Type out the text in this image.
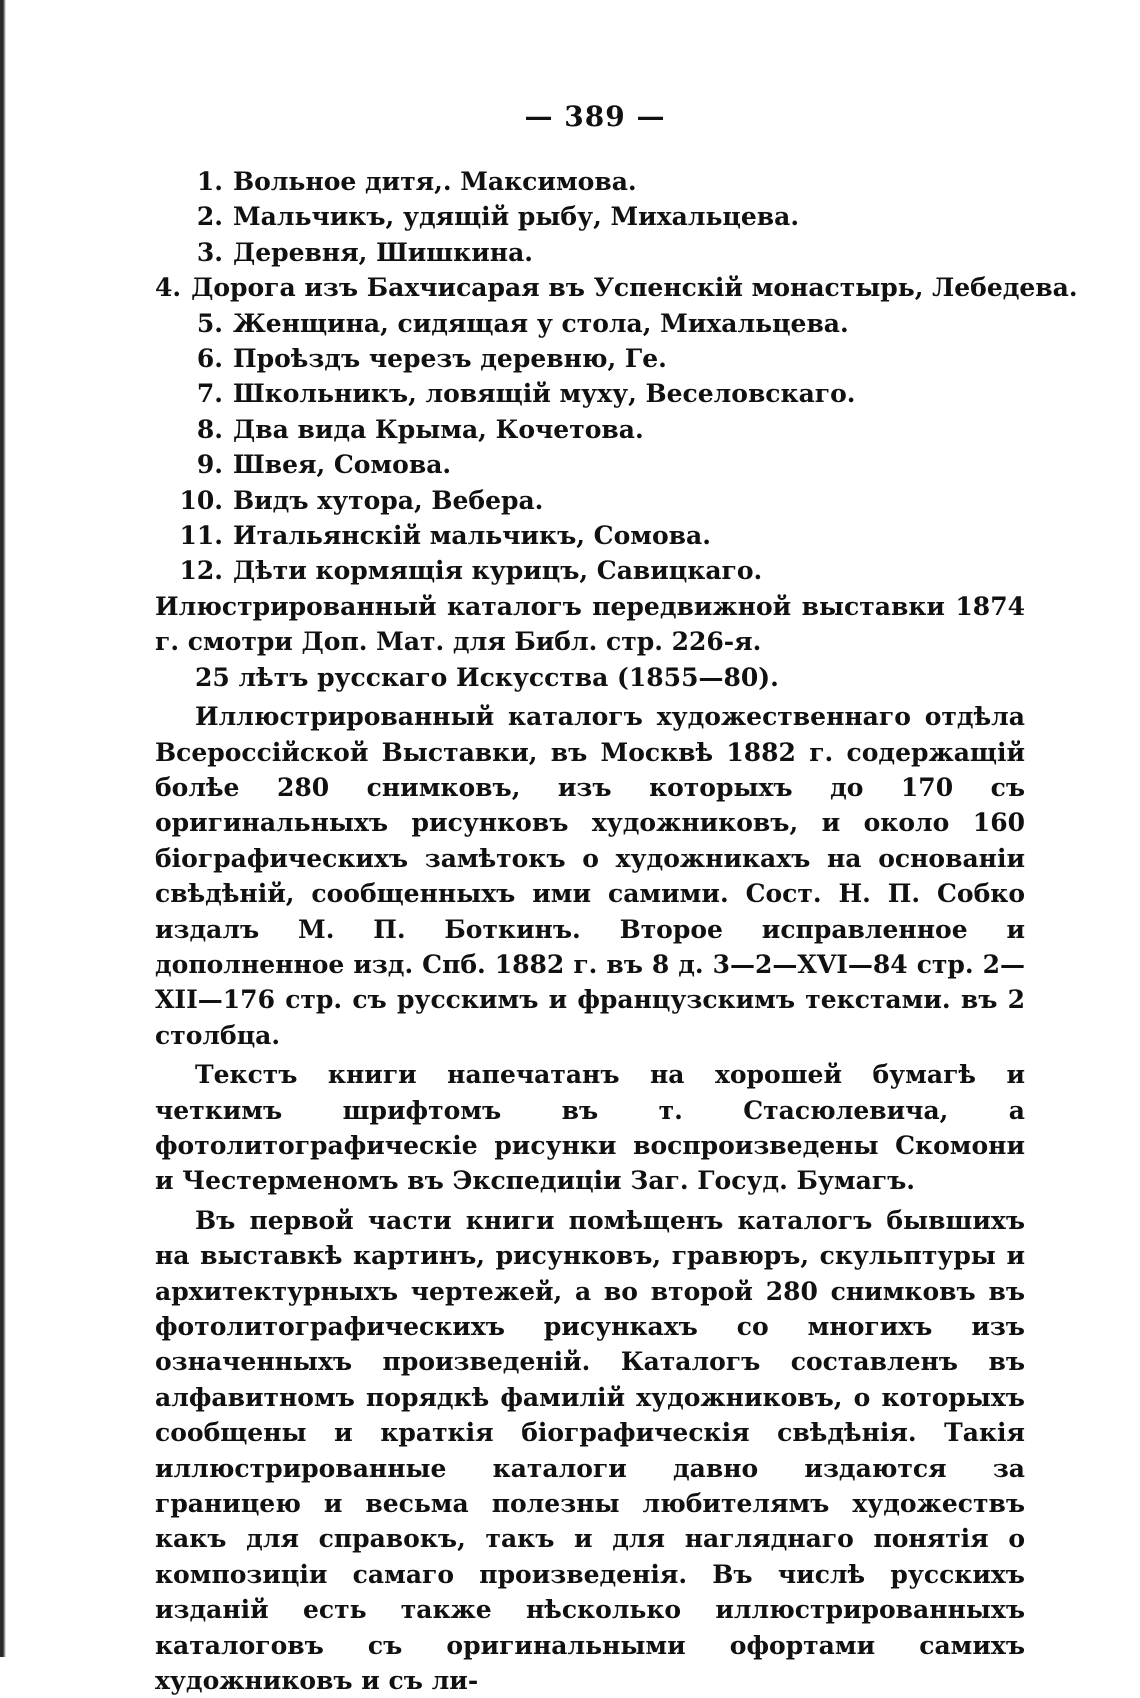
— 389 —
1. Вольное дитя,. Максимова.
2. Мальчикъ, удящій рыбу, Михальцева.
3. Деревня, Шишкина.
4. Дорога изъ Бахчисарая въ Успенскій монастырь, Лебедева.
5. Женщина, сидящая у стола, Михальцева.
6. Проѣздъ черезъ деревню, Ге.
7. Школьникъ, ловящій муху, Веселовскаго.
8. Два вида Крыма, Кочетова.
9. Швея, Сомова.
10. Видъ хутора, Вебера.
11. Итальянскій мальчикъ, Сомова.
12. Дѣти кормящія курицъ, Савицкаго.

Илюстрированный каталогъ передвижной выставки 1874 г. смотри Доп. Мат. для Библ. стр. 226-я.

25 лѣтъ русскаго Искусства (1855—80).

Иллюстрированный каталогъ художественнаго отдѣла Всероссійской Выставки, въ Москвѣ 1882 г. содержащій болѣе 280 снимковъ, изъ которыхъ до 170 съ оригинальныхъ рисунковъ художниковъ, и около 160 біографическихъ замѣтокъ о художникахъ на основаніи свѣдѣній, сообщенныхъ ими самими. Сост. Н. П. Собко издалъ М. П. Боткинъ. Второе исправленное и дополненное изд. Спб. 1882 г. въ 8 д. 3—2—XVI—84 стр. 2—XII—176 стр. съ русскимъ и французскимъ текстами. въ 2 столбца.

Текстъ книги напечатанъ на хорошей бумагѣ и четкимъ шрифтомъ въ т. Стасюлевича, а фотолитографическіе рисунки воспроизведены Скомони и Честерменомъ въ Экспедиціи Заг. Госуд. Бумагъ.

Въ первой части книги помѣщенъ каталогъ бывшихъ на выставкѣ картинъ, рисунковъ, гравюръ, скульптуры и архитектурныхъ чертежей, а во второй 280 снимковъ въ фотолитографическихъ рисункахъ со многихъ изъ означенныхъ произведеній. Каталогъ составленъ въ алфавитномъ порядкѣ фамилій художниковъ, о которыхъ сообщены и краткія біографическія свѣдѣнія. Такія иллюстрированные каталоги давно издаются за границею и весьма полезны любителямъ художествъ какъ для справокъ, такъ и для нагляднаго понятія о композиціи самаго произведенія. Въ числѣ русскихъ изданій есть также нѣсколько иллюстрированныхъ каталоговъ съ оригинальными офортами самихъ художниковъ и съ ли-
